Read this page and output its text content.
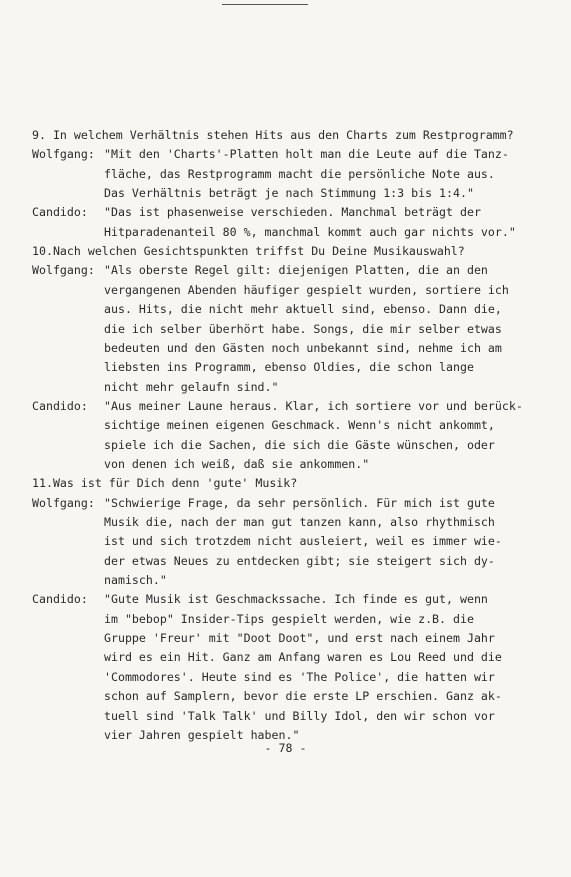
9. In welchem Verhältnis stehen Hits aus den Charts zum Restprogramm?
Wolfgang: "Mit den 'Charts'-Platten holt man die Leute auf die Tanz-
fläche, das Restprogramm macht die persönliche Note aus.
Das Verhältnis beträgt je nach Stimmung 1:3 bis 1:4."
Candido: "Das ist phasenweise verschieden. Manchmal beträgt der
Hitparadenanteil 80 %, manchmal kommt auch gar nichts vor."
10.Nach welchen Gesichtspunkten triffst Du Deine Musikauswahl?
Wolfgang: "Als oberste Regel gilt: diejenigen Platten, die an den
vergangenen Abenden häufiger gespielt wurden, sortiere ich
aus. Hits, die nicht mehr aktuell sind, ebenso. Dann die,
die ich selber überhört habe. Songs, die mir selber etwas
bedeuten und den Gästen noch unbekannt sind, nehme ich am
liebsten ins Programm, ebenso Oldies, die schon lange
nicht mehr gelaufn sind."
Candido: "Aus meiner Laune heraus. Klar, ich sortiere vor und berück-
sichtige meinen eigenen Geschmack. Wenn's nicht ankommt,
spiele ich die Sachen, die sich die Gäste wünschen, oder
von denen ich weiß, daß sie ankommen."
11.Was ist für Dich denn 'gute' Musik?
Wolfgang: "Schwierige Frage, da sehr persönlich. Für mich ist gute
Musik die, nach der man gut tanzen kann, also rhythmisch
ist und sich trotzdem nicht ausleiert, weil es immer wie-
der etwas Neues zu entdecken gibt; sie steigert sich dy-
namisch."
Candido: "Gute Musik ist Geschmackssache. Ich finde es gut, wenn
im "bebop" Insider-Tips gespielt werden, wie z.B. die
Gruppe 'Freur' mit "Doot Doot", und erst nach einem Jahr
wird es ein Hit. Ganz am Anfang waren es Lou Reed und die
'Commodores'. Heute sind es 'The Police', die hatten wir
schon auf Samplern, bevor die erste LP erschien. Ganz ak-
tuell sind 'Talk Talk' und Billy Idol, den wir schon vor
vier Jahren gespielt haben."
- 78 -
